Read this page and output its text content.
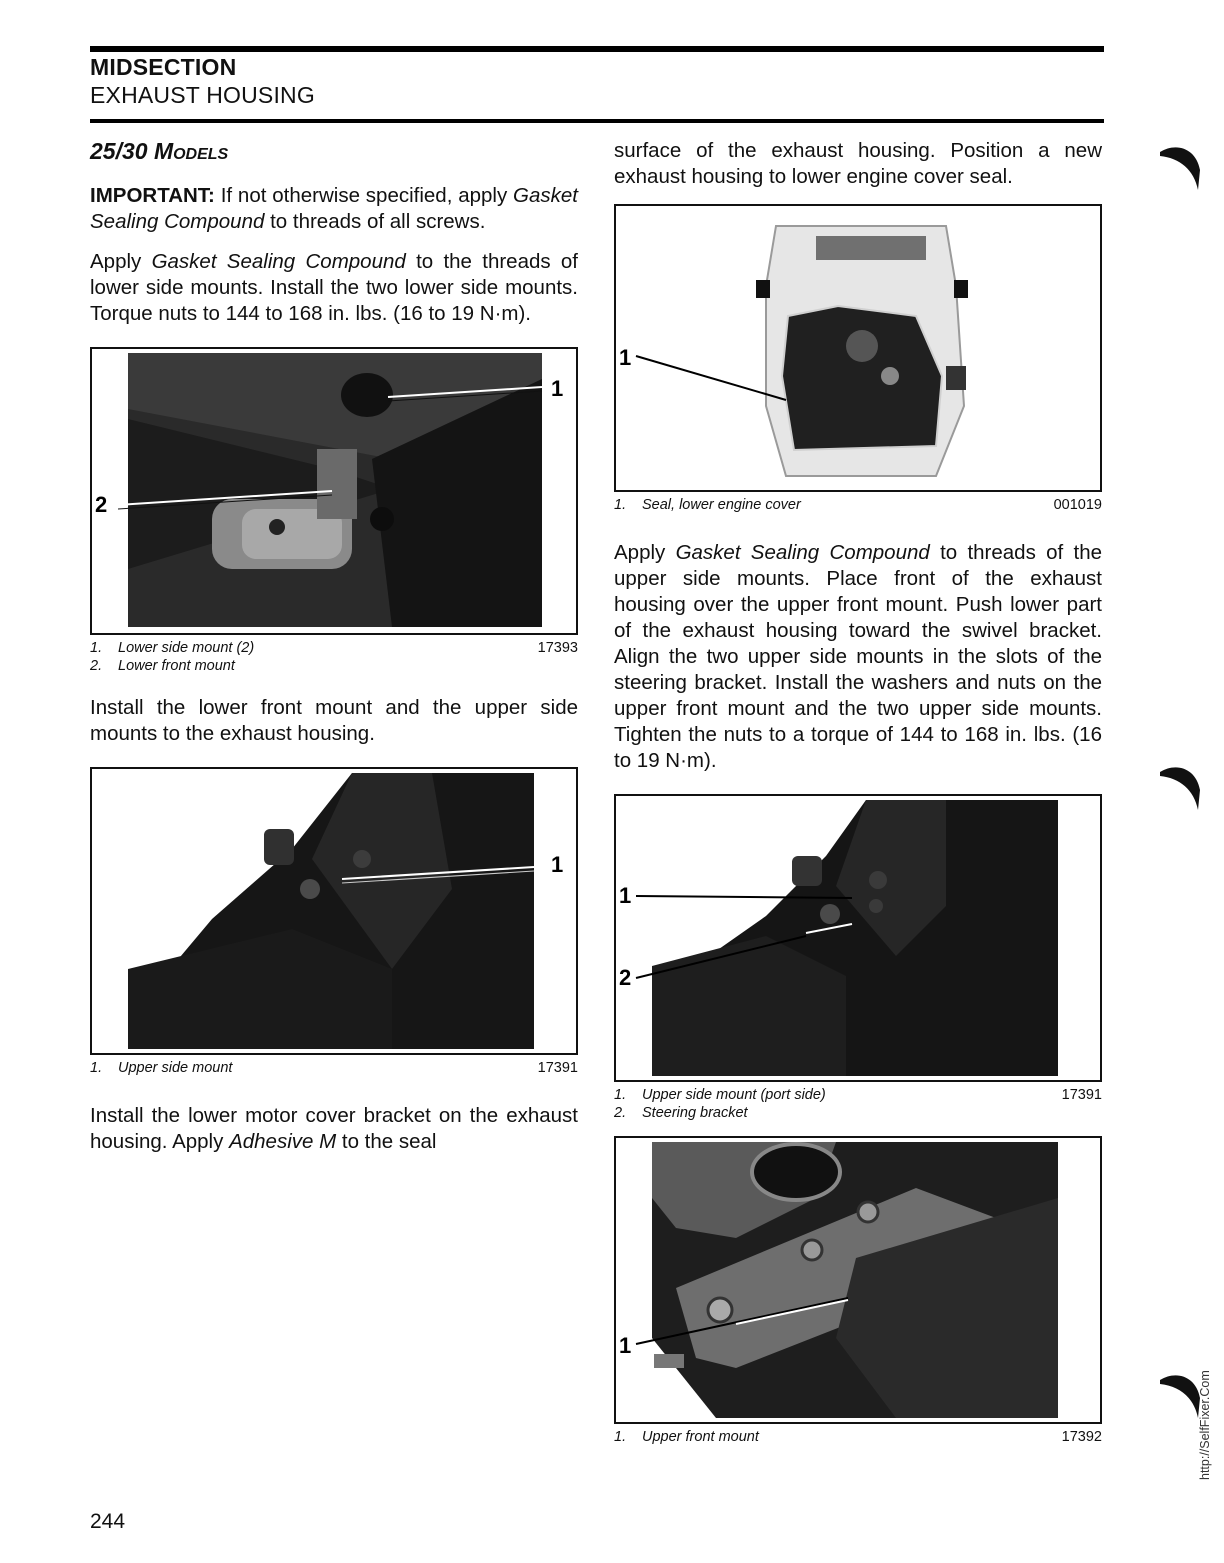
MIDSECTION
EXHAUST HOUSING
25/30 Models

IMPORTANT: If not otherwise specified, apply Gasket Sealing Compound to threads of all screws.

Apply Gasket Sealing Compound to the threads of lower side mounts. Install the two lower side mounts. Torque nuts to 144 to 168 in. lbs. (16 to 19 N·m).

1
2
1. Lower side mount (2)
2. Lower front mount
17393

Install the lower front mount and the upper side mounts to the exhaust housing.

1
1. Upper side mount	17391

Install the lower motor cover bracket on the exhaust housing. Apply Adhesive M to the seal

surface of the exhaust housing. Position a new exhaust housing to lower engine cover seal.

1
1. Seal, lower engine cover	001019

Apply Gasket Sealing Compound to threads of the upper side mounts. Place front of the exhaust housing over the upper front mount. Push lower part of the exhaust housing toward the swivel bracket. Align the two upper side mounts in the slots of the steering bracket. Install the washers and nuts on the upper front mount and the two upper side mounts. Tighten the nuts to a torque of 144 to 168 in. lbs. (16 to 19 N·m).

1
2
1. Upper side mount (port side)
2. Steering bracket
17391
1
1. Upper front mount	17392
244
http://SelfFixer.Com
